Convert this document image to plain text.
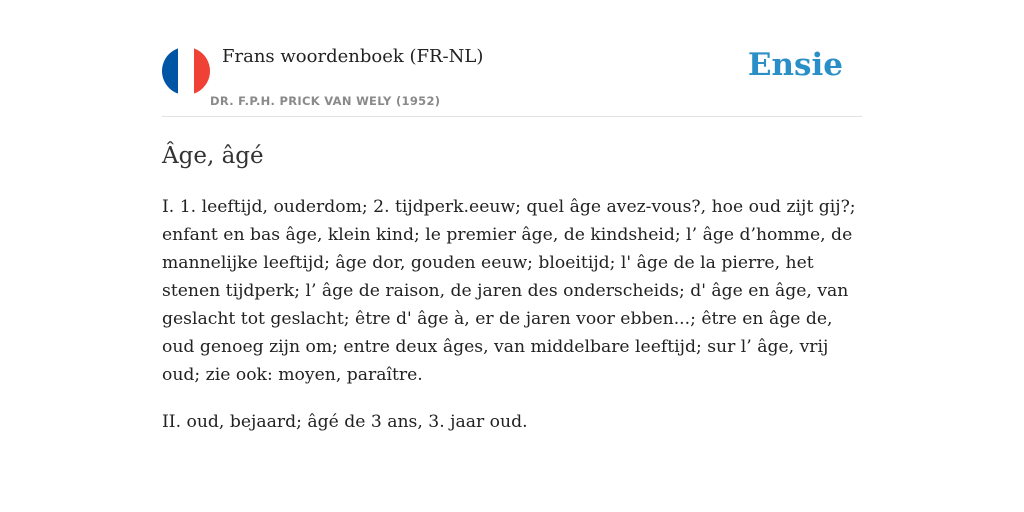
Frans woordenboek (FR-NL)
DR. F.P.H. PRICK VAN WELY (1952)
Ensie
Âge, âgé

I. 1. leeftijd, ouderdom; 2. tijdperk.eeuw; quel âge avez-vous?, hoe oud zijt gij?; enfant en bas âge, klein kind; le premier âge, de kindsheid; l’ âge d’homme, de mannelijke leeftijd; âge dor, gouden eeuw; bloeitijd; l' âge de la pierre, het stenen tijdperk; l’ âge de raison, de jaren des onderscheids; d' âge en âge, van geslacht tot geslacht; être d' âge à, er de jaren voor ebben...; être en âge de, oud genoeg zijn om; entre deux âges, van middelbare leeftijd; sur l’ âge, vrij oud; zie ook: moyen, paraître.

II. oud, bejaard; âgé de 3 ans, 3. jaar oud.
